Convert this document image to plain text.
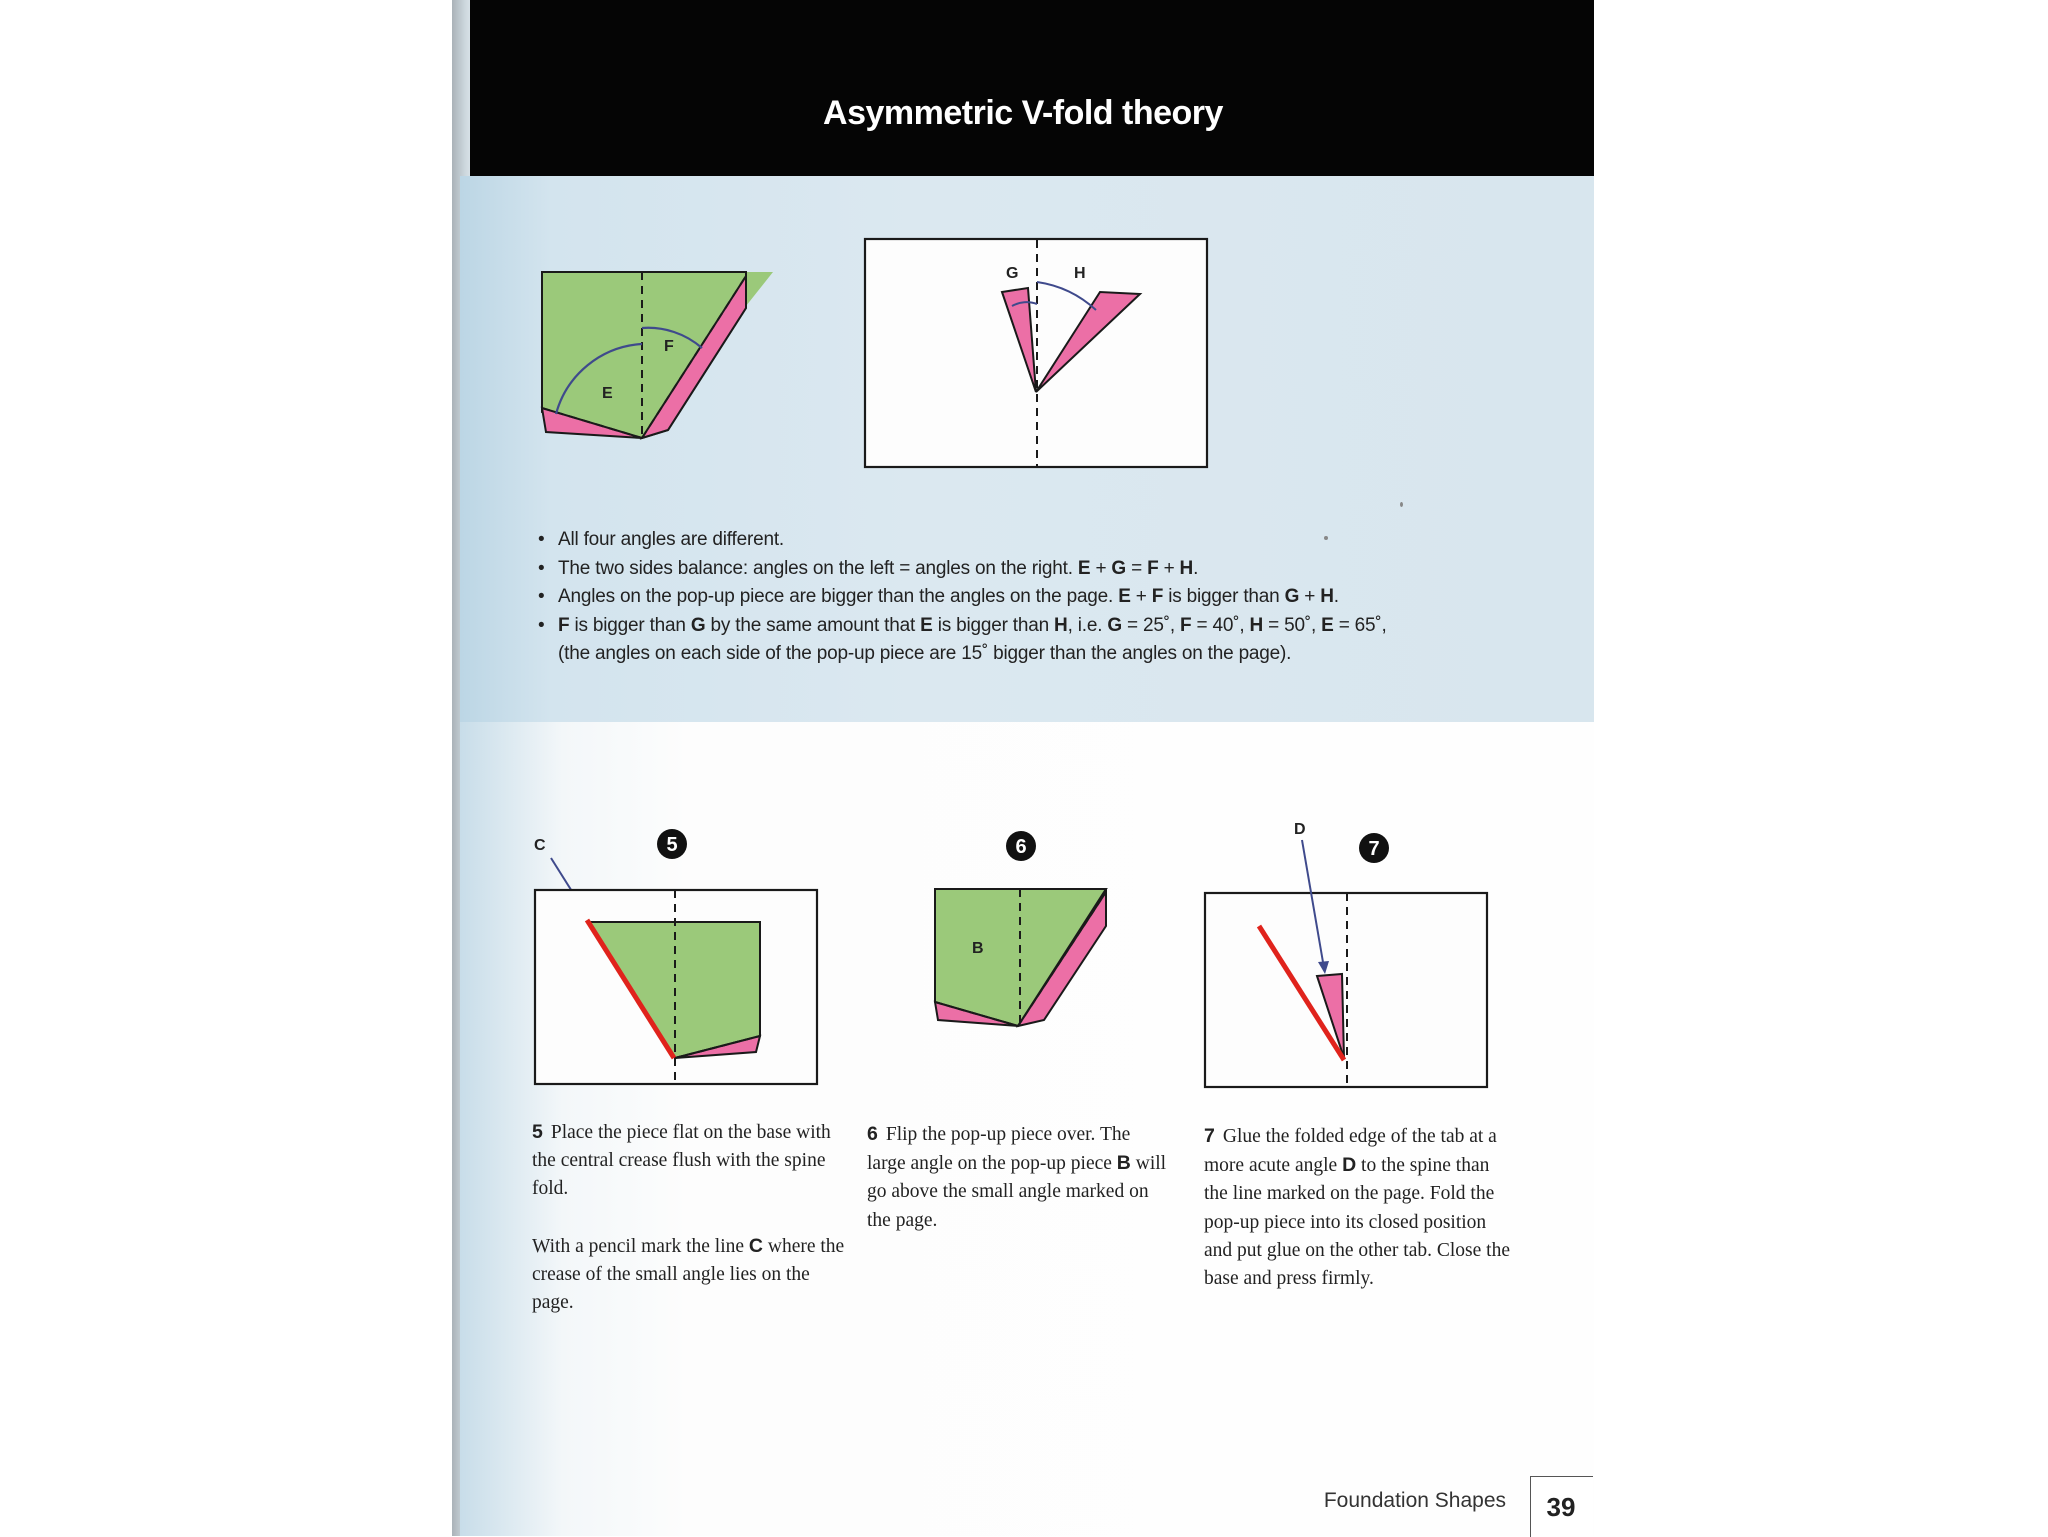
Asymmetric V-fold theory
E
F
G	H
• All four angles are different.
• The two sides balance: angles on the left = angles on the right. E + G = F + H.
• Angles on the pop-up piece are bigger than the angles on the page. E + F is bigger than G + H.
• F is bigger than G by the same amount that E is bigger than H, i.e. G = 25˚, F = 40˚, H = 50˚, E = 65˚,
(the angles on each side of the pop-up piece are 15˚ bigger than the angles on the page).
5
C	6
B
7
D

5 Place the piece flat on the base with the central crease flush with the spine fold.

With a pencil mark the line C where the crease of the small angle lies on the page.

6 Flip the pop-up piece over. The large angle on the pop-up piece B will go above the small angle marked on the page.

7 Glue the folded edge of the tab at a more acute angle D to the spine than the line marked on the page. Fold the pop-up piece into its closed position and put glue on the other tab. Close the base and press firmly.

Foundation Shapes	39
